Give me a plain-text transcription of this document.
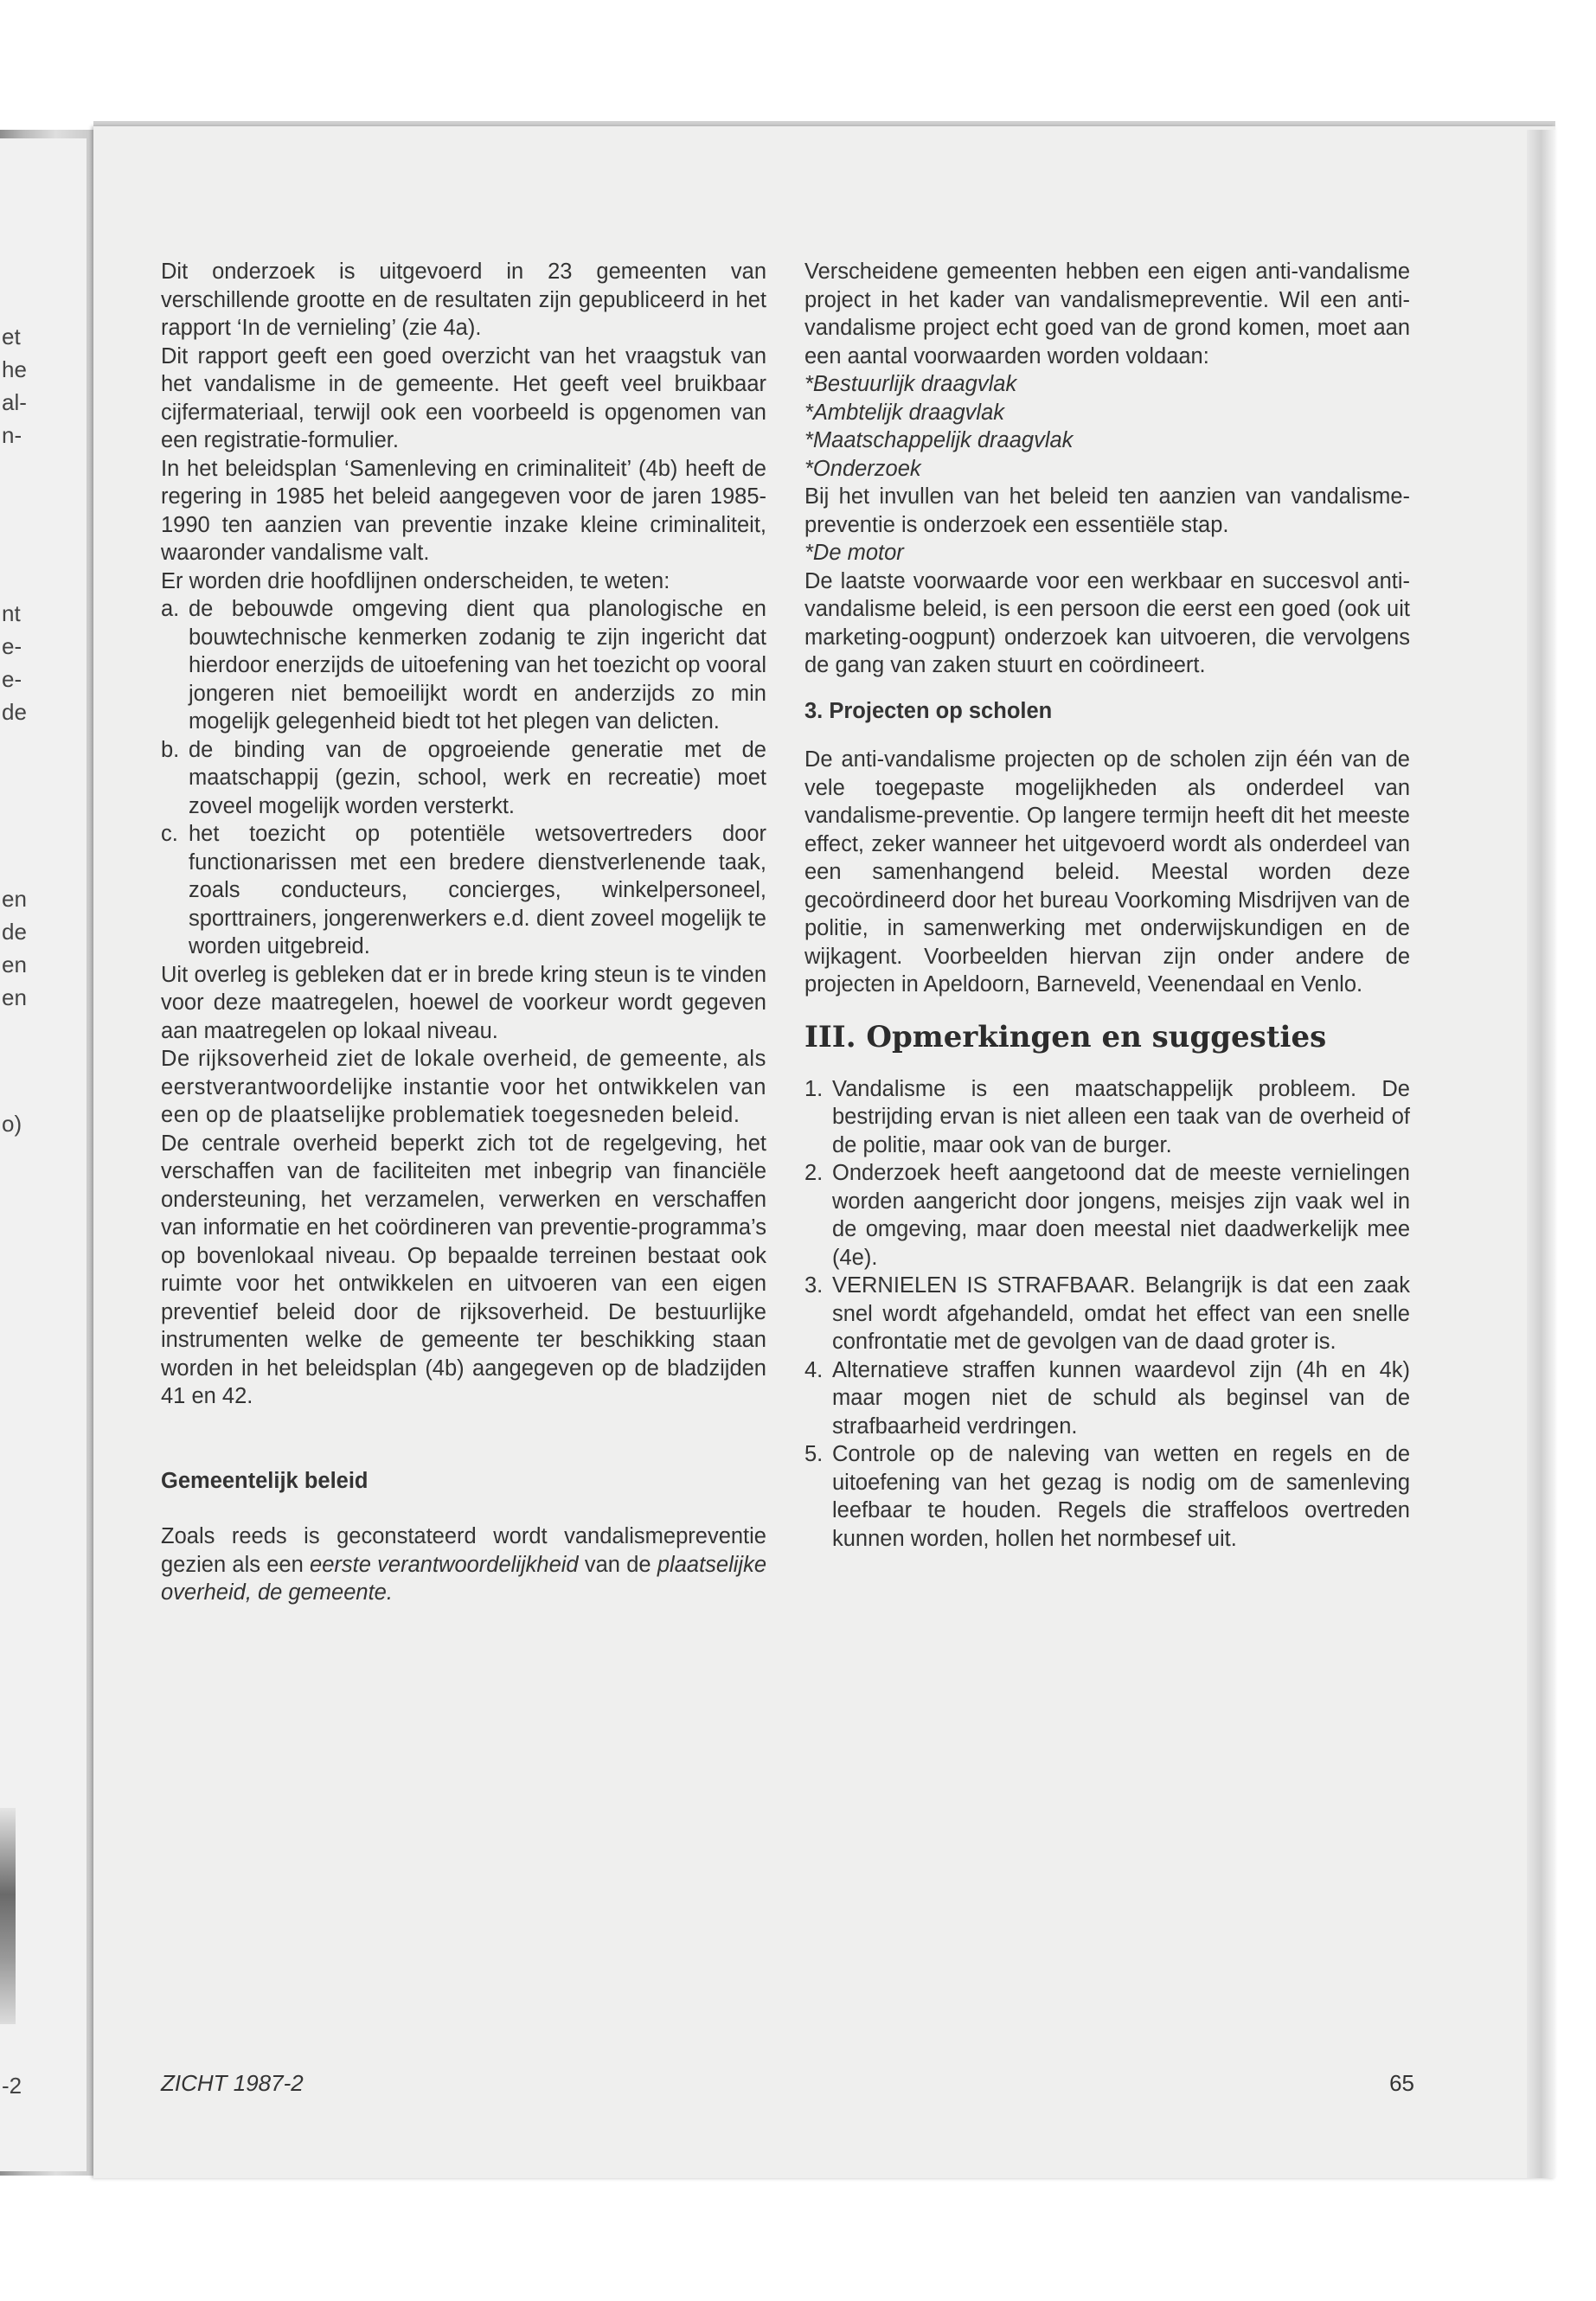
et
he
al-
n-
nt
e-
e-
de
en
de
en
en
o)
-2

Dit onderzoek is uitgevoerd in 23 gemeenten van verschillende grootte en de resultaten zijn gepubliceerd in het rapport ‘In de vernieling’ (zie 4a).

Dit rapport geeft een goed overzicht van het vraagstuk van het vandalisme in de gemeente. Het geeft veel bruikbaar cijfermateriaal, terwijl ook een voorbeeld is opgenomen van een registratie-formulier.

In het beleidsplan ‘Samenleving en criminaliteit’ (4b) heeft de regering in 1985 het beleid aangegeven voor de jaren 1985-1990 ten aanzien van preventie inzake kleine criminaliteit, waaronder vandalisme valt.

Er worden drie hoofdlijnen onderscheiden, te weten:

a. de bebouwde omgeving dient qua planologische en bouwtechnische kenmerken zodanig te zijn ingericht dat hierdoor enerzijds de uitoefening van het toezicht op vooral jongeren niet bemoeilijkt wordt en anderzijds zo min mogelijk gelegenheid biedt tot het plegen van delicten.
b. de binding van de opgroeiende generatie met de maatschappij (gezin, school, werk en recreatie) moet zoveel mogelijk worden versterkt.
c. het toezicht op potentiële wetsovertreders door functionarissen met een bredere dienstverlenende taak, zoals conducteurs, concierges, winkelpersoneel, sporttrainers, jongerenwerkers e.d. dient zoveel mogelijk te worden uitgebreid.

Uit overleg is gebleken dat er in brede kring steun is te vinden voor deze maatregelen, hoewel de voorkeur wordt gegeven aan maatregelen op lokaal niveau.

De rijksoverheid ziet de lokale overheid, de gemeente, als eerstverantwoordelijke instantie voor het ontwikkelen van een op de plaatselijke problematiek toegesneden beleid.

De centrale overheid beperkt zich tot de regelgeving, het verschaffen van de faciliteiten met inbegrip van financiële ondersteuning, het verzamelen, verwerken en verschaffen van informatie en het coördineren van preventie-programma’s op bovenlokaal niveau. Op bepaalde terreinen bestaat ook ruimte voor het ontwikkelen en uitvoeren van een eigen preventief beleid door de rijksoverheid. De bestuurlijke instrumenten welke de gemeente ter beschikking staan worden in het beleidsplan (4b) aangegeven op de bladzijden 41 en 42.

Gemeentelijk beleid

Zoals reeds is geconstateerd wordt vandalismepreventie gezien als een eerste verantwoordelijkheid van de plaatselijke overheid, de gemeente.

Verscheidene gemeenten hebben een eigen anti-vandalisme project in het kader van vandalismepreventie. Wil een anti-vandalisme project echt goed van de grond komen, moet aan een aantal voorwaarden worden voldaan:

*Bestuurlijk draagvlak

*Ambtelijk draagvlak

*Maatschappelijk draagvlak

*Onderzoek

Bij het invullen van het beleid ten aanzien van vandalisme-preventie is onderzoek een essentiële stap.

*De motor

De laatste voorwaarde voor een werkbaar en succesvol anti-vandalisme beleid, is een persoon die eerst een goed (ook uit marketing-oogpunt) onderzoek kan uitvoeren, die vervolgens de gang van zaken stuurt en coördineert.

3. Projecten op scholen

De anti-vandalisme projecten op de scholen zijn één van de vele toegepaste mogelijkheden als onderdeel van vandalisme-preventie. Op langere termijn heeft dit het meeste effect, zeker wanneer het uitgevoerd wordt als onderdeel van een samenhangend beleid. Meestal worden deze gecoördineerd door het bureau Voorkoming Misdrijven van de politie, in samenwerking met onderwijskundigen en de wijkagent. Voorbeelden hiervan zijn onder andere de projecten in Apeldoorn, Barneveld, Veenendaal en Venlo.

III. Opmerkingen en suggesties

1. Vandalisme is een maatschappelijk probleem. De bestrijding ervan is niet alleen een taak van de overheid of de politie, maar ook van de burger.
2. Onderzoek heeft aangetoond dat de meeste vernielingen worden aangericht door jongens, meisjes zijn vaak wel in de omgeving, maar doen meestal niet daadwerkelijk mee (4e).
3. VERNIELEN IS STRAFBAAR. Belangrijk is dat een zaak snel wordt afgehandeld, omdat het effect van een snelle confrontatie met de gevolgen van de daad groter is.
4. Alternatieve straffen kunnen waardevol zijn (4h en 4k) maar mogen niet de schuld als beginsel van de strafbaarheid verdringen.
5. Controle op de naleving van wetten en regels en de uitoefening van het gezag is nodig om de samenleving leefbaar te houden. Regels die straffeloos overtreden kunnen worden, hollen het normbesef uit.
ZICHT 1987-2	65
